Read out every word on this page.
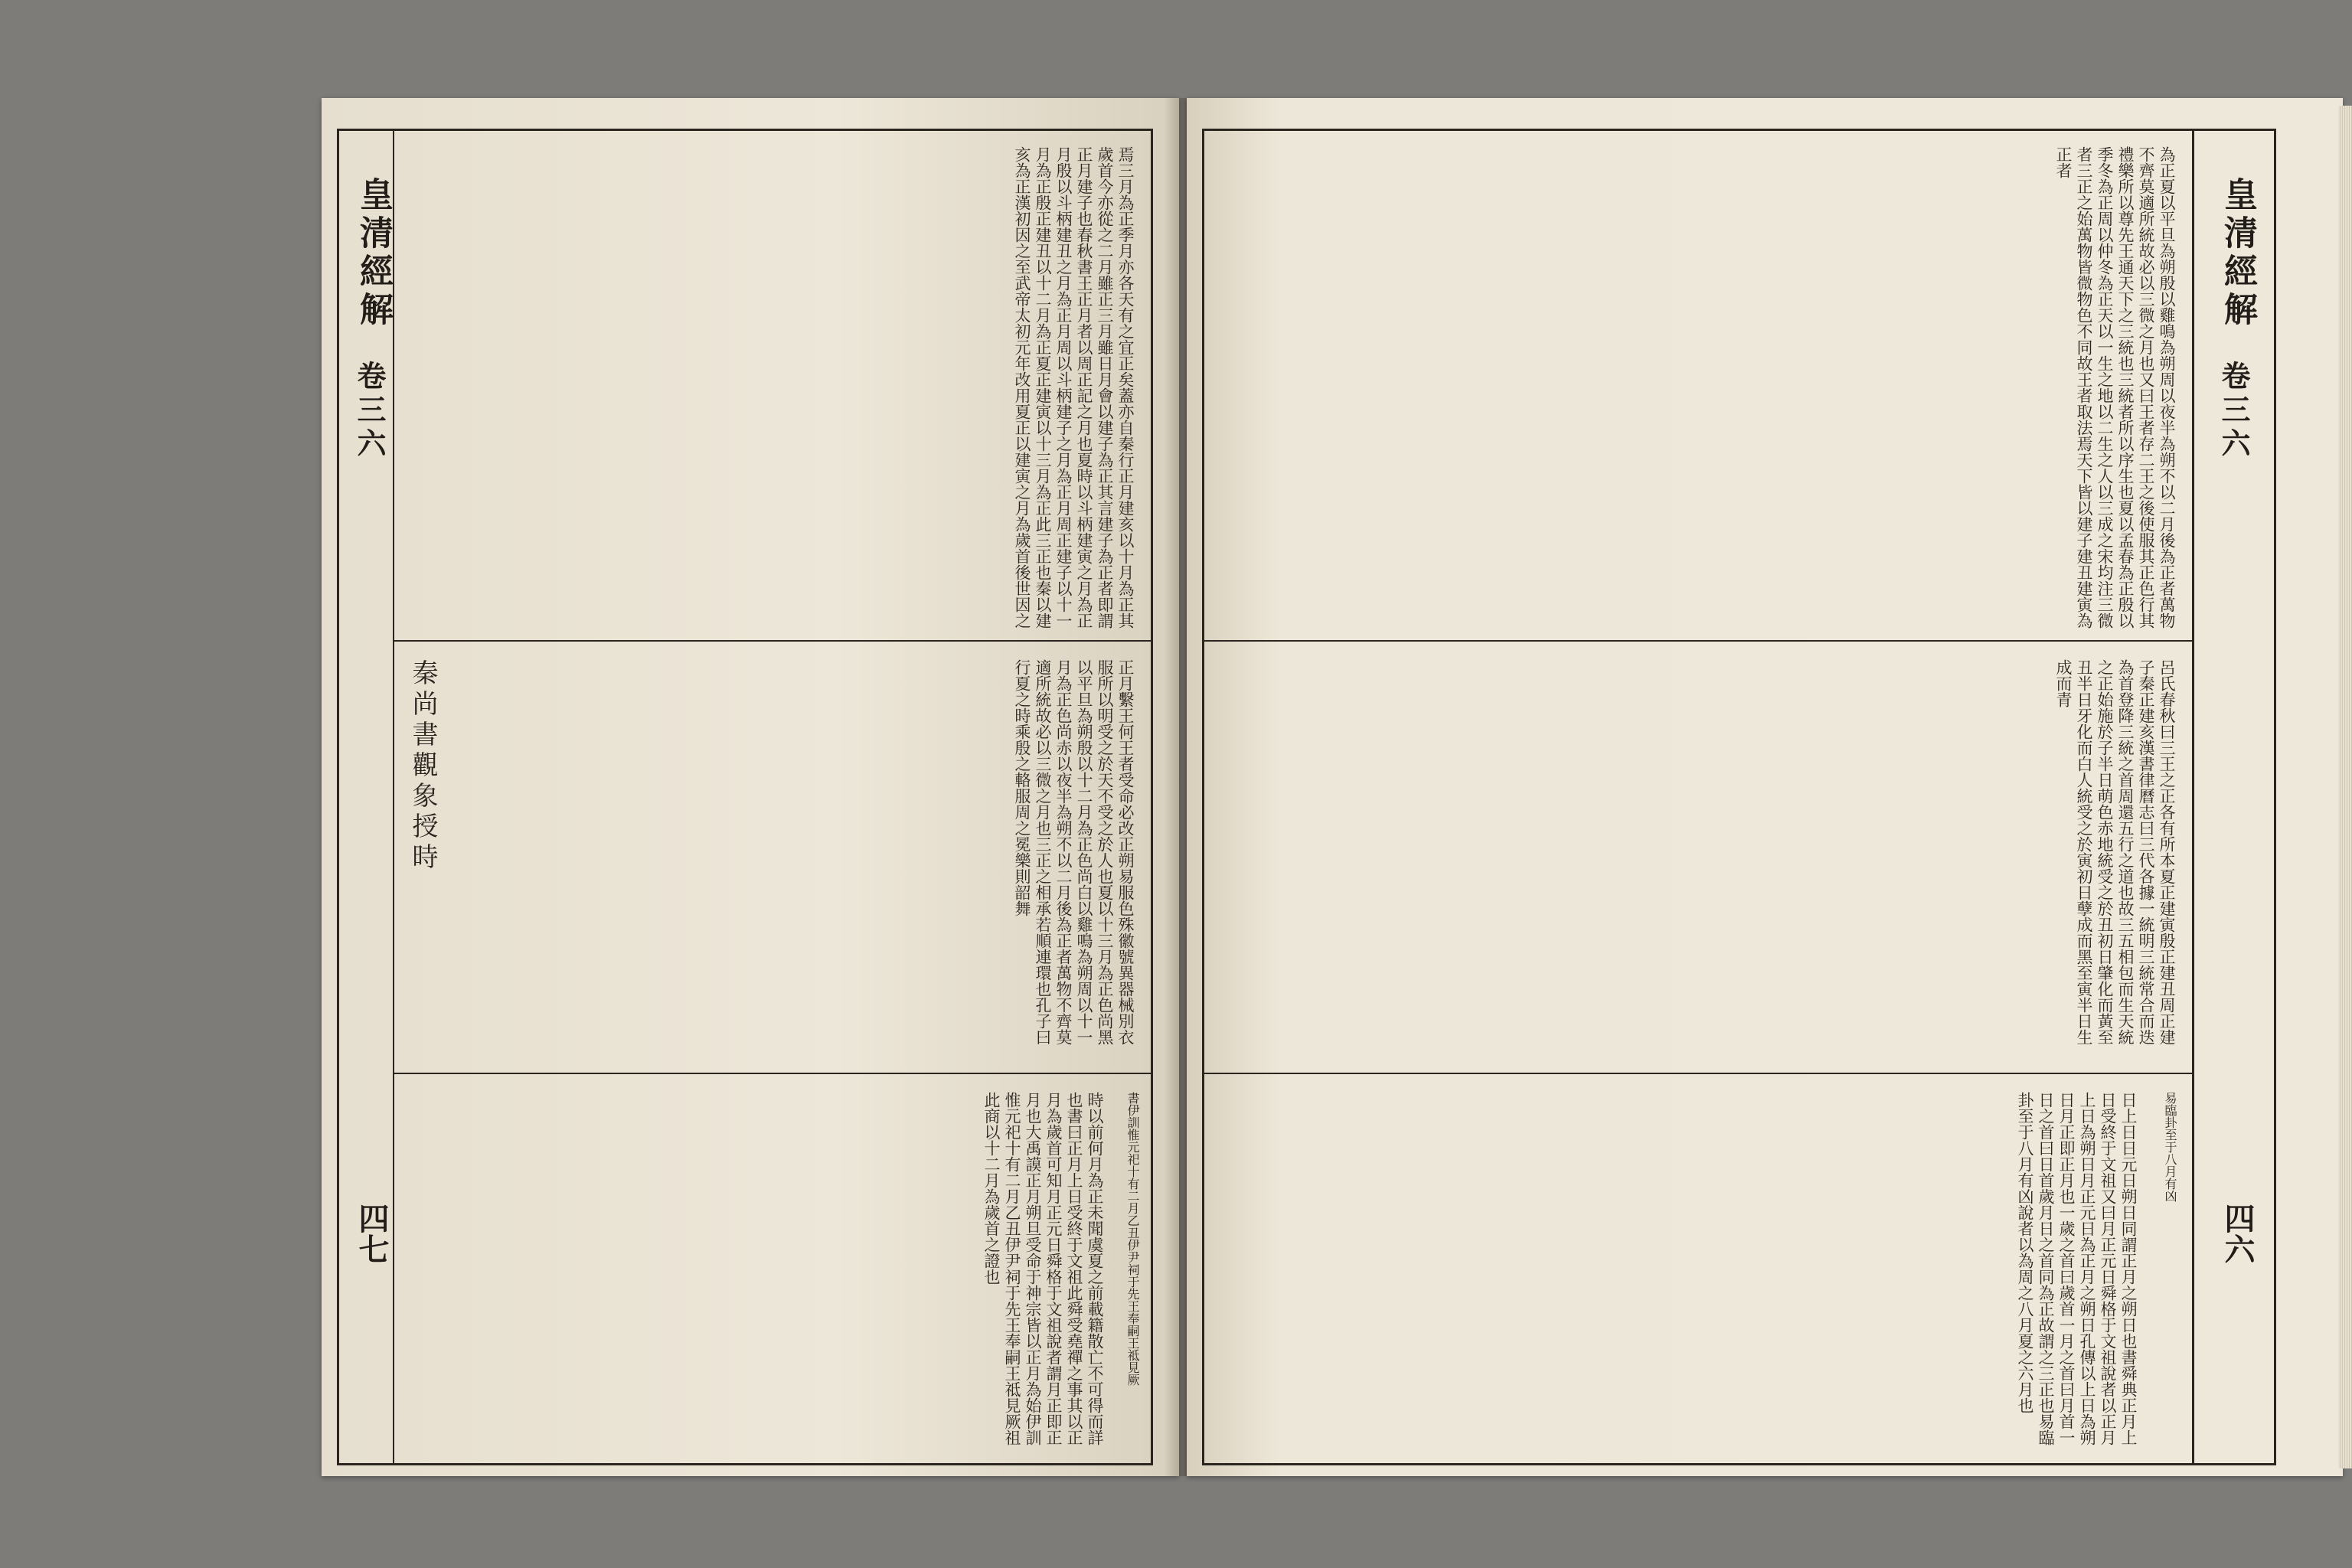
皇清經解
卷三六
四七
焉三月為正季月亦各天有之宜正矣蓋亦自秦行正月建亥以十月為正其歲首今亦從之二月雖正三月雖日月會以建子為正其言建子為正者即謂正月建子也春秋書王正月者以周正記之月也夏時以斗柄建寅之月為正月殷以斗柄建丑之月為正月周以斗柄建子之月為正月周正建子以十一月為正殷正建丑以十二月為正夏正建寅以十三月為正此三正也秦以建亥為正漢初因之至武帝太初元年改用夏正以建寅之月為歲首後世因之
正月繫王何王者受命必改正朔易服色殊徽號異器械別衣服所以明受之於天不受之於人也夏以十三月為正色尚黑以平旦為朔殷以十二月為正色尚白以雞鳴為朔周以十一月為正色尚赤以夜半為朔不以二月後為正者萬物不齊莫適所統故必以三微之月也三正之相承若順連環也孔子曰行夏之時乘殷之輅服周之冕樂則韶舞
秦尚書觀象授時
時以前何月為正未聞虞夏之前載籍散亡不可得而詳也書曰正月上日受終于文祖此舜受堯禪之事其以正月為歲首可知月正元日舜格于文祖說者謂月正即正月也大禹謨正月朔旦受命于神宗皆以正月為始伊訓惟元祀十有二月乙丑伊尹祠于先王奉嗣王祗見厥祖此商以十二月為歲首之證也	書伊訓惟元祀十有二月乙丑伊尹祠于先王奉嗣王祗見厥
為正夏以平旦為朔殷以雞鳴為朔周以夜半為朔不以二月後為正者萬物不齊莫適所統故必以三微之月也又曰王者存二王之後使服其正色行其禮樂所以尊先王通天下之三統也三統者所以序生也夏以孟春為正殷以季冬為正周以仲冬為正天以一生之地以二生之人以三成之宋均注三微者三正之始萬物皆微物色不同故王者取法焉天下皆以建子建丑建寅為正者
呂氏春秋曰三王之正各有所本夏正建寅殷正建丑周正建子秦正建亥漢書律曆志曰三代各據一統明三統常合而迭為首登降三統之首周還五行之道也故三五相包而生天統之正始施於子半日萌色赤地統受之於丑初日肇化而黃至丑半日牙化而白人統受之於寅初日孽成而黑至寅半日生成而青
日上日日元日朔日同謂正月之朔日也書舜典正月上日受終于文祖又曰月正元日舜格于文祖說者以正月上日為朔日月正元日為正月之朔日孔傳以上日為朔日月正即正月也一歲之首曰歲首一月之首曰月首一日之首曰日首歲月日之首同為正故謂之三正也易臨卦至于八月有凶說者以為周之八月夏之六月也	易臨卦至于八月有凶
皇清經解
卷三六
四六
